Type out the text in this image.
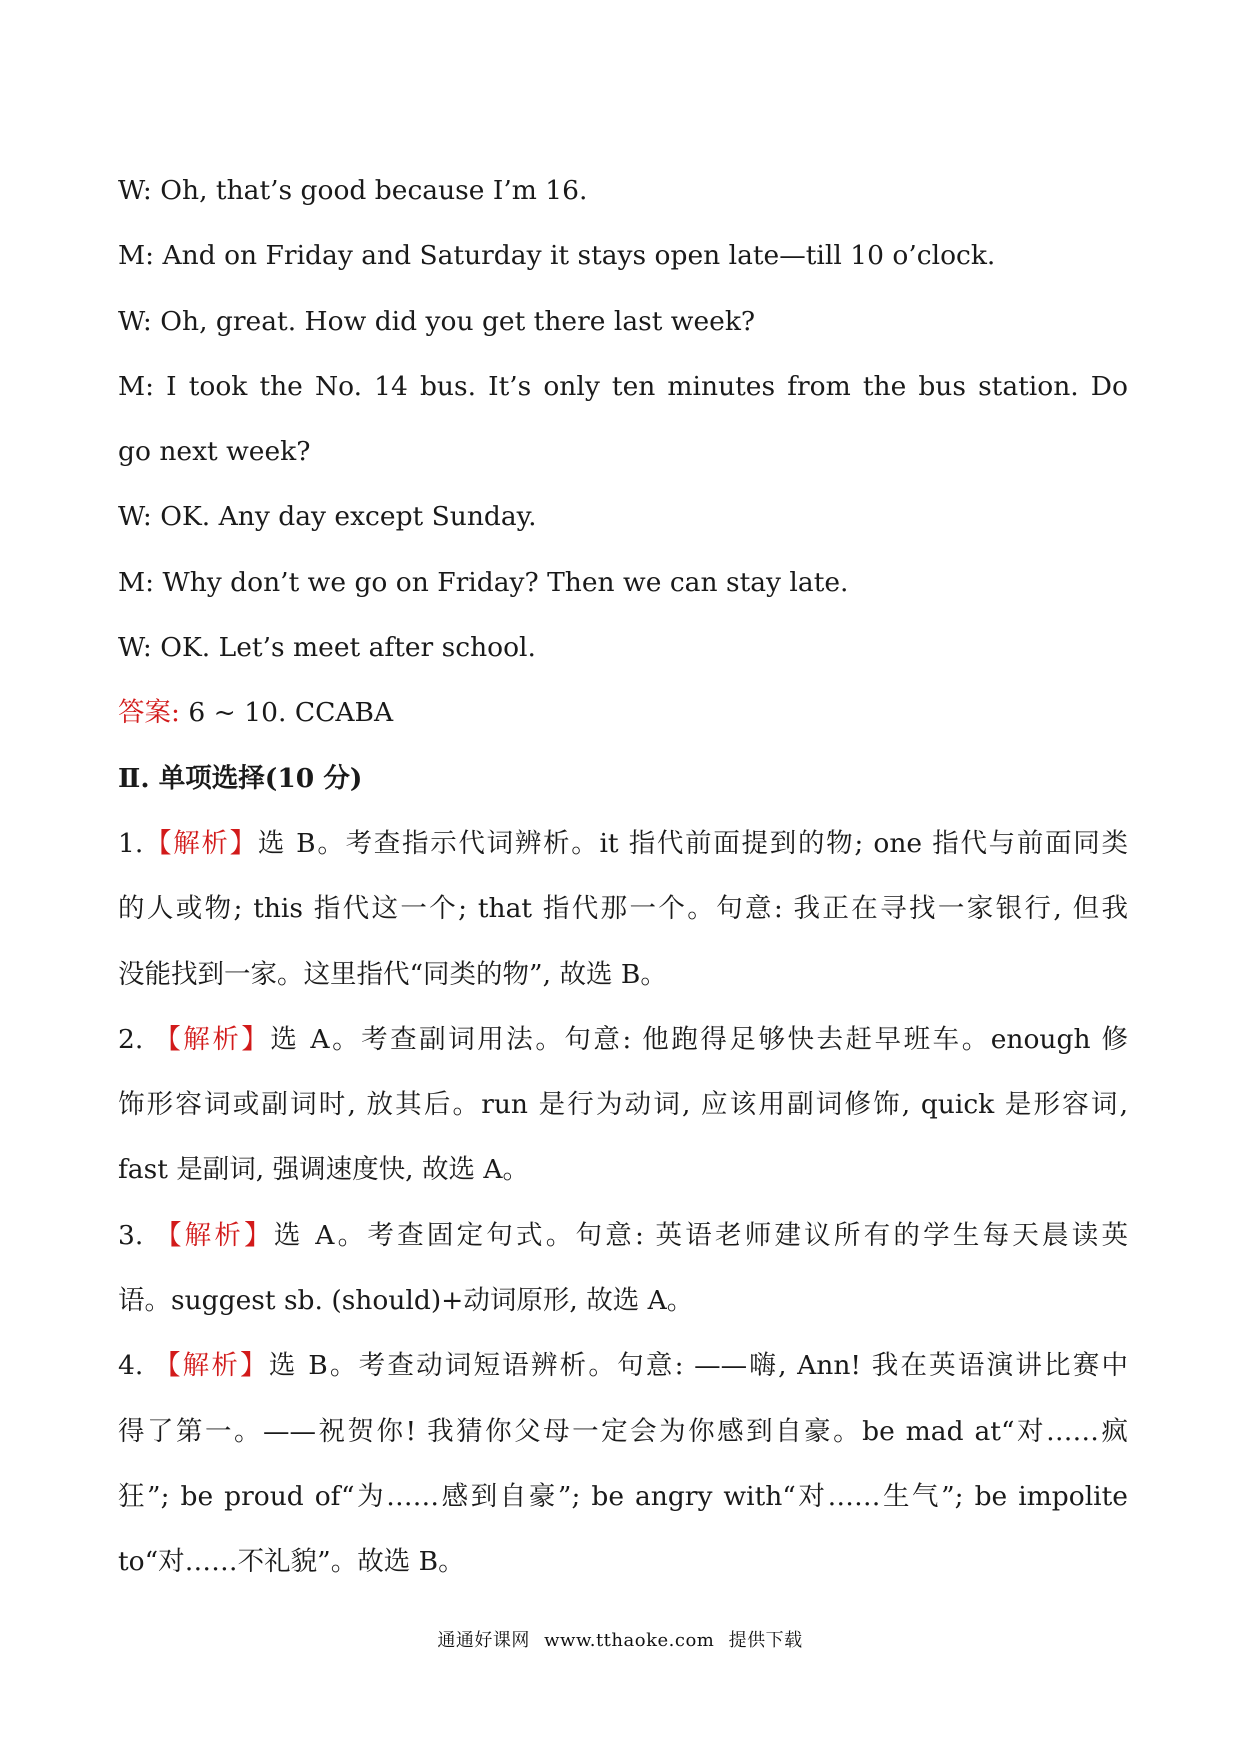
W: Oh, that’s good because I’m 16.
M: And on Friday and Saturday it stays open late—till 10 o’clock.
W: Oh, great. How did you get there last week?
M: I took the No. 14 bus. It’s only ten minutes from the bus station. Do
go next week?
W: OK. Any day except Sunday.
M: Why don’t we go on Friday? Then we can stay late.
W: OK. Let’s meet after school.
答案: 6 ~ 10. CCABA
Ⅱ. 单项选择(10 分)
1.【解析】选 B。考查指示代词辨析。it 指代前面提到的物; one 指代与前面同类
的人或物; this 指代这一个; that 指代那一个。句意: 我正在寻找一家银行, 但我
没能找到一家。这里指代“同类的物”, 故选 B。
2. 【解析】选 A。考查副词用法。句意: 他跑得足够快去赶早班车。enough 修
饰形容词或副词时, 放其后。run 是行为动词, 应该用副词修饰, quick 是形容词,
fast 是副词, 强调速度快, 故选 A。
3. 【解析】选 A。考查固定句式。句意: 英语老师建议所有的学生每天晨读英
语。suggest sb. (should)+动词原形, 故选 A。
4. 【解析】选 B。考查动词短语辨析。句意: ——嗨, Ann! 我在英语演讲比赛中
得了第一。——祝贺你! 我猜你父母一定会为你感到自豪。be mad at“对……疯
狂”; be proud of“为……感到自豪”; be angry with“对……生气”; be impolite
to“对……不礼貌”。故选 B。
通通好课网 www.tthaoke.com 提供下载
